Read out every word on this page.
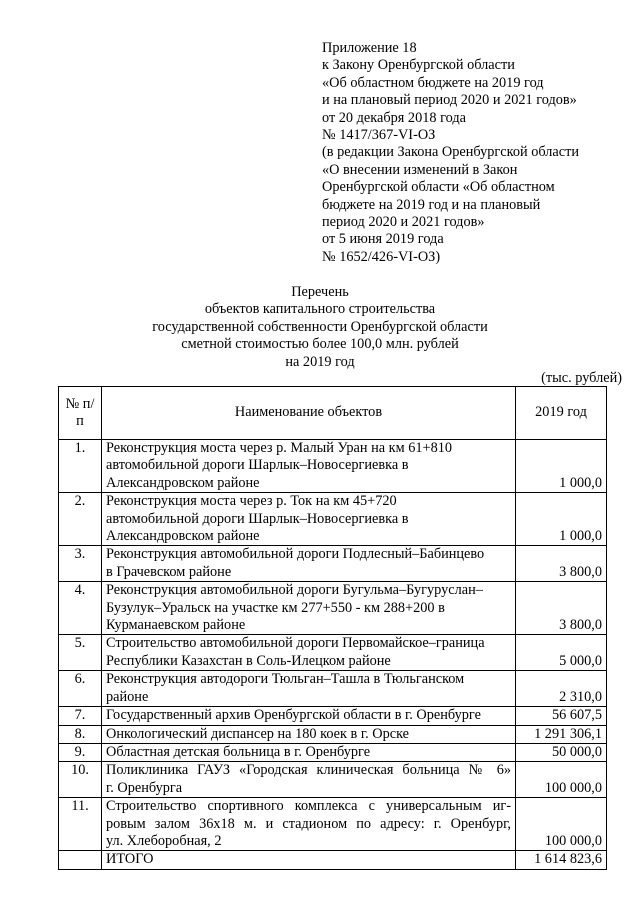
Приложение 18
к Закону Оренбургской области
«Об областном бюджете на 2019 год
и на плановый период 2020 и 2021 годов»
от 20 декабря 2018 года
№ 1417/367-VI-ОЗ
(в редакции Закона Оренбургской области
«О внесении изменений в Закон
Оренбургской области «Об областном
бюджете на 2019 год и на плановый
период 2020 и 2021 годов»
от 5 июня 2019 года
№ 1652/426-VI-ОЗ)
Перечень
объектов капитального строительства
государственной собственности Оренбургской области
сметной стоимостью более 100,0 млн. рублей
на 2019 год
(тыс. рублей)
№ п/п	Наименование объектов	2019 год
1.	Реконструкция моста через р. Малый Уран на км 61+810
автомобильной дороги Шарлык–Новосергиевка в
Александровском районе	1 000,0
2.	Реконструкция моста через р. Ток на км 45+720
автомобильной дороги Шарлык–Новосергиевка в
Александровском районе	1 000,0
3.	Реконструкция автомобильной дороги Подлесный–Бабинцево
в Грачевском районе	3 800,0
4.	Реконструкция автомобильной дороги Бугульма–Бугуруслан–
Бузулук–Уральск на участке км 277+550 - км 288+200 в
Курманаевском районе	3 800,0
5.	Строительство автомобильной дороги Первомайское–граница
Республики Казахстан в Соль-Илецком районе	5 000,0
6.	Реконструкция автодороги Тюльган–Ташла в Тюльганском
районе	2 310,0
7.	Государственный архив Оренбургской области в г. Оренбурге	56 607,5
8.	Онкологический диспансер на 180 коек в г. Орске	1 291 306,1
9.	Областная детская больница в г. Оренбурге	50 000,0
10.	Поликлиника ГАУЗ «Городская клиническая больница № 6»
г. Оренбурга	100 000,0
11.	Строительство спортивного комплекса с универсальным иг-
ровым залом 36х18 м. и стадионом по адресу: г. Оренбург,
ул. Хлеборобная, 2	100 000,0
	ИТОГО	1 614 823,6
